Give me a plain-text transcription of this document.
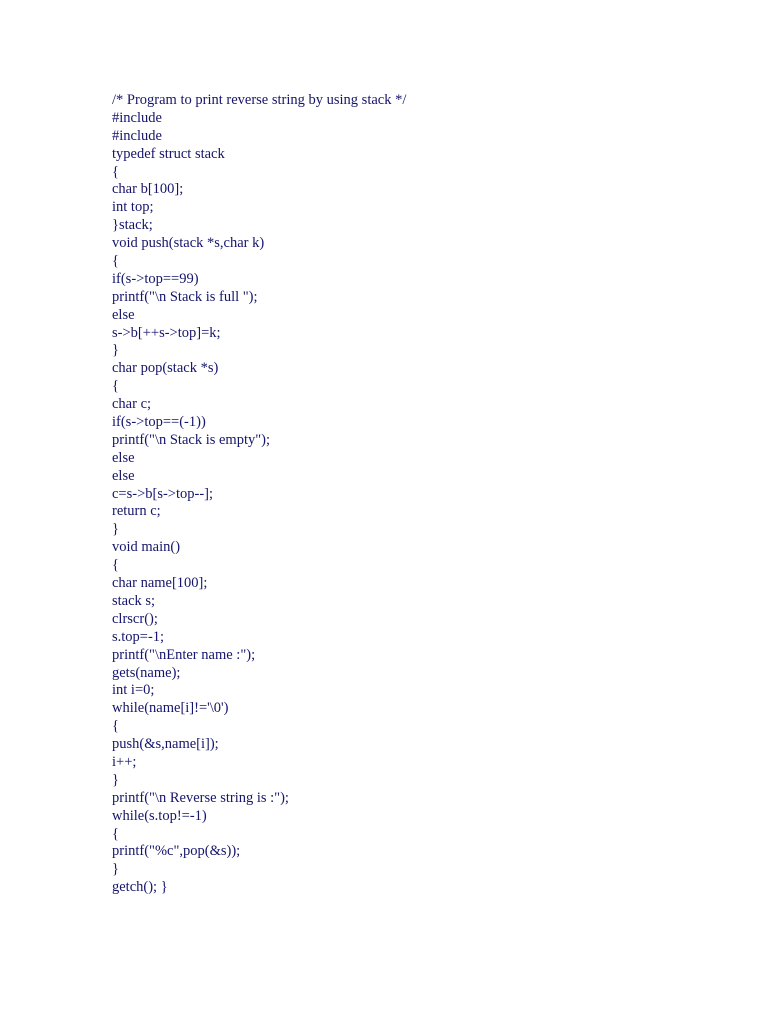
/* Program to print reverse string by using stack */
#include
#include
typedef struct stack
{
char b[100];
int top;
}stack;
void push(stack *s,char k)
{
if(s->top==99)
printf("\n Stack is full ");
else
s->b[++s->top]=k;
}
char pop(stack *s)
{
char c;
if(s->top==(-1))
printf("\n Stack is empty");
else
else
c=s->b[s->top--];
return c;
}
void main()
{
char name[100];
stack s;
clrscr();
s.top=-1;
printf("\nEnter name :");
gets(name);
int i=0;
while(name[i]!='\0')
{
push(&s,name[i]);
i++;
}
printf("\n Reverse string is :");
while(s.top!=-1)
{
printf("%c",pop(&s));
}
getch(); }
